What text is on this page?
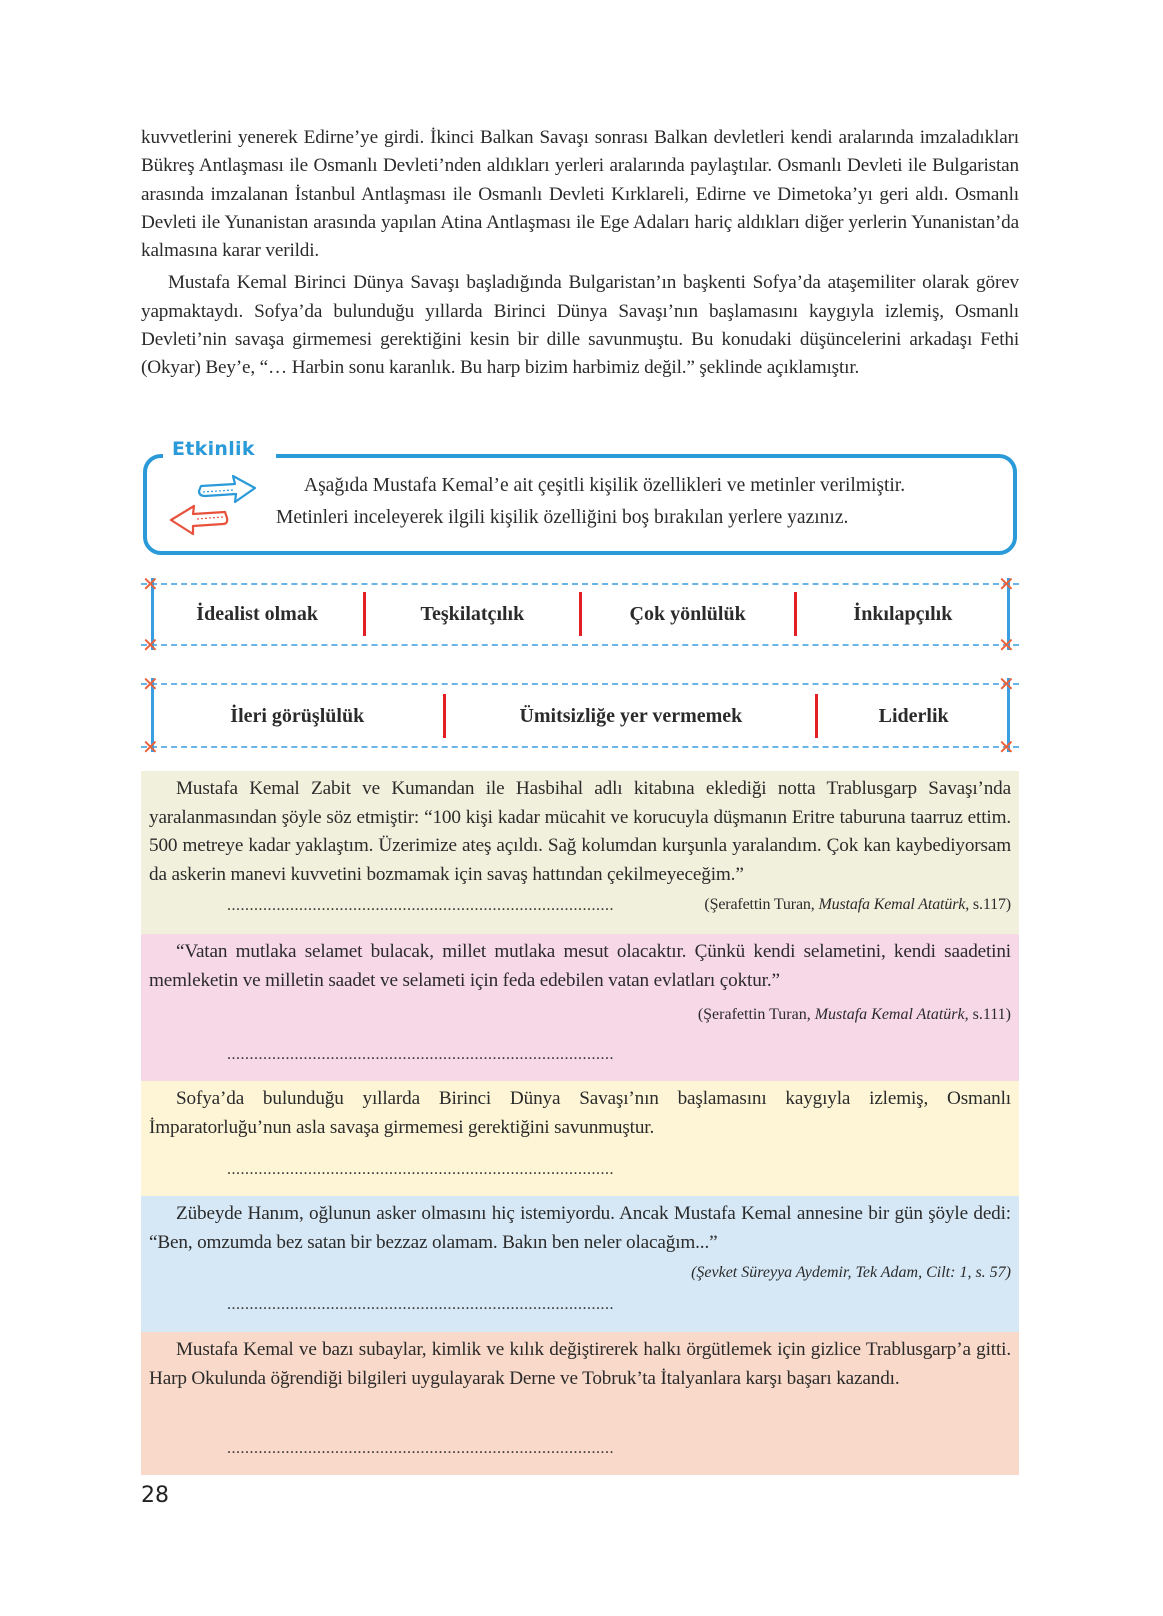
kuvvetlerini yenerek Edirne’ye girdi. İkinci Balkan Savaşı sonrası Balkan devletleri kendi aralarında imzaladıkları Bükreş Antlaşması ile Osmanlı Devleti’nden aldıkları yerleri aralarında paylaştılar. Osmanlı Devleti ile Bulgaristan arasında imzalanan İstanbul Antlaşması ile Osmanlı Devleti Kırklareli, Edirne ve Dimetoka’yı geri aldı. Osmanlı Devleti ile Yunanistan arasında yapılan Atina Antlaşması ile Ege Adaları hariç aldıkları diğer yerlerin Yunanistan’da kalmasına karar verildi.

Mustafa Kemal Birinci Dünya Savaşı başladığında Bulgaristan’ın başkenti Sofya’da ataşemiliter olarak görev yapmaktaydı. Sofya’da bulunduğu yıllarda Birinci Dünya Savaşı’nın başlamasını kaygıyla izlemiş, Osmanlı Devleti’nin savaşa girmemesi gerektiğini kesin bir dille savunmuştu. Bu konudaki düşüncelerini arkadaşı Fethi (Okyar) Bey’e, “… Harbin sonu karanlık. Bu harp bizim harbimiz değil.” şeklinde açıklamıştır.

Etkinlik
Aşağıda Mustafa Kemal’e ait çeşitli kişilik özellikleri ve metinler verilmiştir.
Metinleri inceleyerek ilgili kişilik özelliğini boş bırakılan yerlere yazınız.
✕
✕
✕
✕
İdealist olmak	Teşkilatçılık	Çok yönlülük	İnkılapçılık
✕
✕
✕
✕
İleri görüşlülük	Ümitsizliğe yer vermemek	Liderlik

Mustafa Kemal Zabit ve Kumandan ile Hasbihal adlı kitabına eklediği notta Trablusgarp Savaşı’nda yaralanmasından şöyle söz etmiştir: “100 kişi kadar mücahit ve korucuyla düşmanın Eritre taburuna taarruz ettim. 500 metreye kadar yaklaştım. Üzerimize ateş açıldı. Sağ kolumdan kurşunla yaralandım. Çok kan kaybediyorsam da askerin manevi kuvvetini bozmamak için savaş hattından çekilmeyeceğim.”
(Şerafettin Turan, Mustafa Kemal Atatürk, s.117)

......................................................................................

“Vatan mutlaka selamet bulacak, millet mutlaka mesut olacaktır. Çünkü kendi selametini, kendi saadetini memleketin ve milletin saadet ve selameti için feda edebilen vatan evlatları çoktur.”

(Şerafettin Turan, Mustafa Kemal Atatürk, s.111)

......................................................................................

Sofya’da bulunduğu yıllarda Birinci Dünya Savaşı’nın başlamasını kaygıyla izlemiş, Osmanlı İmparatorluğu’nun asla savaşa girmemesi gerektiğini savunmuştur.

......................................................................................

Zübeyde Hanım, oğlunun asker olmasını hiç istemiyordu. Ancak Mustafa Kemal annesine bir gün şöyle dedi: “Ben, omzumda bez satan bir bezzaz olamam. Bakın ben neler olacağım...”

(Şevket Süreyya Aydemir, Tek Adam, Cilt: 1, s. 57)

......................................................................................

Mustafa Kemal ve bazı subaylar, kimlik ve kılık değiştirerek halkı örgütlemek için gizlice Trablusgarp’a gitti. Harp Okulunda öğrendiği bilgileri uygulayarak Derne ve Tobruk’ta İtalyanlara karşı başarı kazandı.

......................................................................................
28
